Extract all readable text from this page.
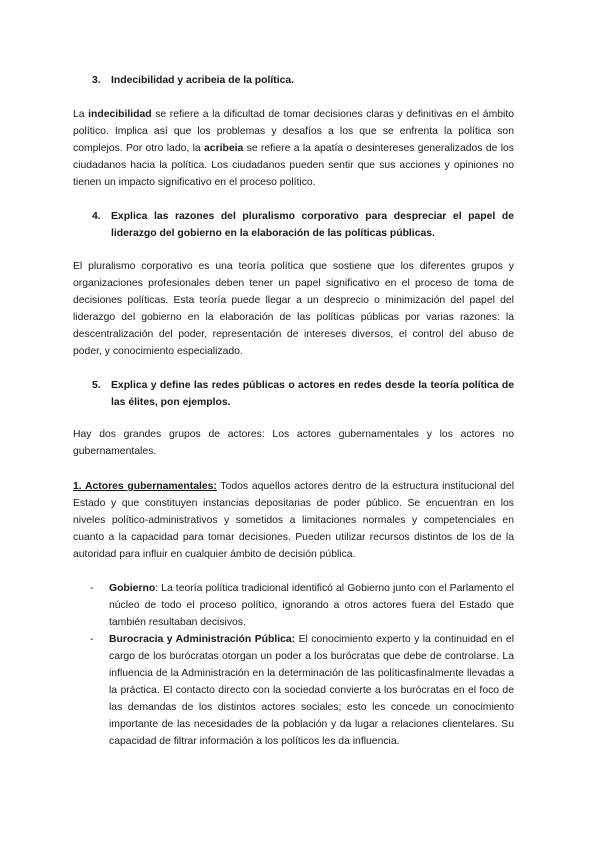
3. Indecibilidad y acribeia de la política.

La indecibilidad se refiere a la dificultad de tomar decisiones claras y definitivas en el ámbito político. Implica así que los problemas y desafíos a los que se enfrenta la política son complejos. Por otro lado, la acribeia se refiere a la apatía o desintereses generalizados de los ciudadanos hacia la política. Los ciudadanos pueden sentir que sus acciones y opiniones no tienen un impacto significativo en el proceso político.

4. Explica las razones del pluralismo corporativo para despreciar el papel de liderazgo del gobierno en la elaboración de las políticas públicas.

El pluralismo corporativo es una teoría política que sostiene que los diferentes grupos y organizaciones profesionales deben tener un papel significativo en el proceso de toma de decisiones políticas. Esta teoría puede llegar a un desprecio o minimización del papel del liderazgo del gobierno en la elaboración de las políticas públicas por varias razones: la descentralización del poder, representación de intereses diversos, el control del abuso de poder, y conocimiento especializado.

5. Explica y define las redes públicas o actores en redes desde la teoría política de las élites, pon ejemplos.

Hay dos grandes grupos de actores: Los actores gubernamentales y los actores no gubernamentales.

1. Actores gubernamentales: Todos aquellos actores dentro de la estructura institucional del Estado y que constituyen instancias depositarias de poder público. Se encuentran en los niveles político-administrativos y sometidos a limitaciones normales y competenciales en cuanto a la capacidad para tomar decisiones. Pueden utilizar recursos distintos de los de la autoridad para influir en cualquier ámbito de decisión pública.

-	Gobierno: La teoría política tradicional identificó al Gobierno junto con el Parlamento el núcleo de todo el proceso político, ignorando a otros actores fuera del Estado que también resultaban decisivos.
-	Burocracia y Administración Pública: El conocimiento experto y la continuidad en el cargo de los burócratas otorgan un poder a los burócratas que debe de controlarse. La influencia de la Administración en la determinación de las políticasfinalmente llevadas a la práctica. El contacto directo con la sociedad convierte a los burócratas en el foco de las demandas de los distintos actores sociales; esto les concede un conocimiento importante de las necesidades de la población y da lugar a relaciones clientelares. Su capacidad de filtrar información a los políticos les da influencia.
